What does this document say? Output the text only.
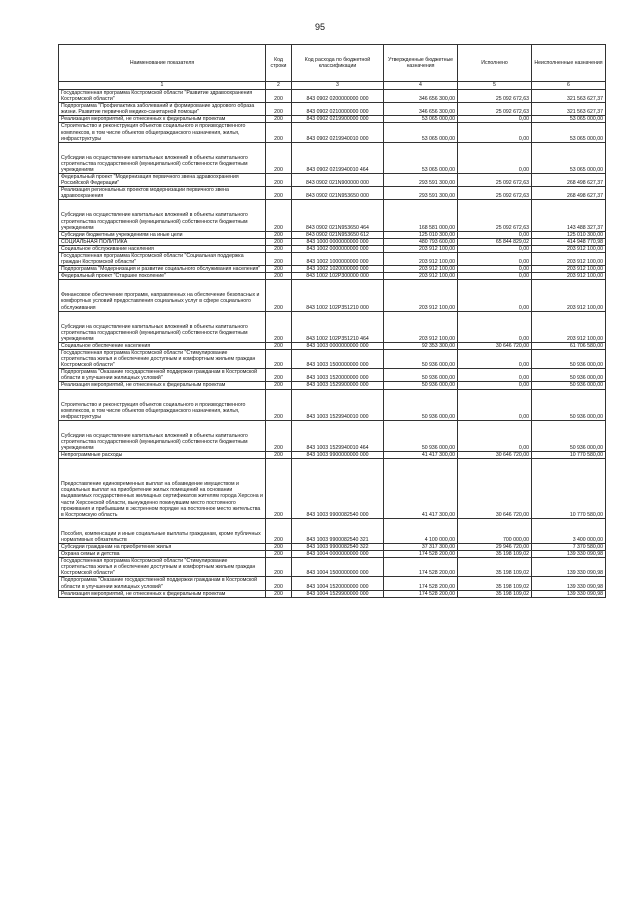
95
Наименование показателя	Код строки	Код расхода по бюджетной классификации	Утвержденные бюджетные назначения	Исполнено	Неисполненные назначения
1	2	3	4	5	6
Государственная программа Костромской области "Развитие здравоохранения Костромской области"	200	843 0902 0200000000 000	346 656 300,00	25 092 672,63	321 563 627,37
Подпрограмма "Профилактика заболеваний и формирование здорового образа жизни. Развитие первичной медико-санитарной помощи"	200	843 0902 0210000000 000	346 656 300,00	25 092 672,63	321 563 627,37
Реализация мероприятий, не отнесенных к федеральным проектам	200	843 0902 0219900000 000	53 065 000,00	0,00	53 065 000,00
Строительство и реконструкция объектов социального и производственного комплексов, в том числе объектов общегражданского назначения, жилья, инфраструктуры	200	843 0902 0219940010 000	53 065 000,00	0,00	53 065 000,00
Субсидии на осуществление капитальных вложений в объекты капитального строительства государственной (муниципальной) собственности бюджетным учреждениям	200	843 0902 0219940010 464	53 065 000,00	0,00	53 065 000,00
Федеральный проект "Модернизация первичного звена здравоохранения Российской Федерации"	200	843 0902 021N900000 000	293 591 300,00	25 092 672,63	268 498 627,37
Реализация региональных проектов модернизации первичного звена здравоохранения	200	843 0902 021N953650 000	293 591 300,00	25 092 672,63	268 498 627,37
Субсидии на осуществление капитальных вложений в объекты капитального строительства государственной (муниципальной) собственности бюджетным учреждениям	200	843 0902 021N953650 464	168 581 000,00	25 092 672,63	143 488 327,37
Субсидии бюджетным учреждениям на иные цели	200	843 0902 021N953650 612	125 010 300,00	0,00	125 010 300,00
СОЦИАЛЬНАЯ ПОЛИТИКА	200	843 1000 0000000000 000	480 793 600,00	65 844 829,02	414 948 770,98
Социальное обслуживание населения	200	843 1002 0000000000 000	203 912 100,00	0,00	203 912 100,00
Государственная программа Костромской области "Социальная поддержка граждан Костромской области"	200	843 1002 1000000000 000	203 912 100,00	0,00	203 912 100,00
Подпрограмма "Модернизация и развитие социального обслуживания населения"	200	843 1002 1020000000 000	203 912 100,00	0,00	203 912 100,00
Федеральный проект "Старшее поколение"	200	843 1002 102P300000 000	203 912 100,00	0,00	203 912 100,00
Финансовое обеспечение программ, направленных на обеспечение безопасных и комфортных условий предоставления социальных услуг в сфере социального обслуживания	200	843 1002 102P351210 000	203 912 100,00	0,00	203 912 100,00
Субсидии на осуществление капитальных вложений в объекты капитального строительства государственной (муниципальной) собственности бюджетным учреждениям	200	843 1002 102P351210 464	203 912 100,00	0,00	203 912 100,00
Социальное обеспечение населения	200	843 1003 0000000000 000	92 353 300,00	30 646 720,00	61 706 580,00
Государственная программа Костромской области "Стимулирование строительства жилья и обеспечение доступным и комфортным жильем граждан Костромской области"	200	843 1003 1500000000 000	50 936 000,00	0,00	50 936 000,00
Подпрограмма "Оказание государственной поддержки гражданам в Костромской области в улучшении жилищных условий"	200	843 1003 1520000000 000	50 936 000,00	0,00	50 936 000,00
Реализация мероприятий, не отнесенных к федеральным проектам	200	843 1003 1529900000 000	50 936 000,00	0,00	50 936 000,00
Строительство и реконструкция объектов социального и производственного комплексов, в том числе объектов общегражданского назначения, жилья, инфраструктуры	200	843 1003 1529940010 000	50 936 000,00	0,00	50 936 000,00
Субсидии на осуществление капитальных вложений в объекты капитального строительства государственной (муниципальной) собственности бюджетным учреждениям	200	843 1003 1529940010 464	50 936 000,00	0,00	50 936 000,00
Непрограммные расходы	200	843 1003 9900000000 000	41 417 300,00	30 646 720,00	10 770 580,00
Предоставление единовременных выплат на обзаведение имуществом и социальных выплат на приобретение жилых помещений на основании выдаваемых государственных жилищных сертификатов жителям города Херсона и части Херсонской области, вынужденно покинувшим место постоянного проживания и прибывшим в экстренном порядке на постоянное место жительства в Костромскую область	200	843 1003 9900082540 000	41 417 300,00	30 646 720,00	10 770 580,00
Пособия, компенсации и иные социальные выплаты гражданам, кроме публичных нормативных обязательств	200	843 1003 9900082540 321	4 100 000,00	700 000,00	3 400 000,00
Субсидии гражданам на приобретение жилья	200	843 1003 9900082540 322	37 317 300,00	29 946 720,00	7 370 580,00
Охрана семьи и детства	200	843 1004 0000000000 000	174 528 200,00	35 198 109,02	139 330 090,98
Государственная программа Костромской области "Стимулирование строительства жилья и обеспечение доступным и комфортным жильем граждан Костромской области"	200	843 1004 1500000000 000	174 528 200,00	35 198 109,02	139 330 090,98
Подпрограмма "Оказание государственной поддержки гражданам в Костромской области в улучшении жилищных условий"	200	843 1004 1520000000 000	174 528 200,00	35 198 109,02	139 330 090,98
Реализация мероприятий, не отнесенных к федеральным проектам	200	843 1004 1529900000 000	174 528 200,00	35 198 109,02	139 330 090,98
